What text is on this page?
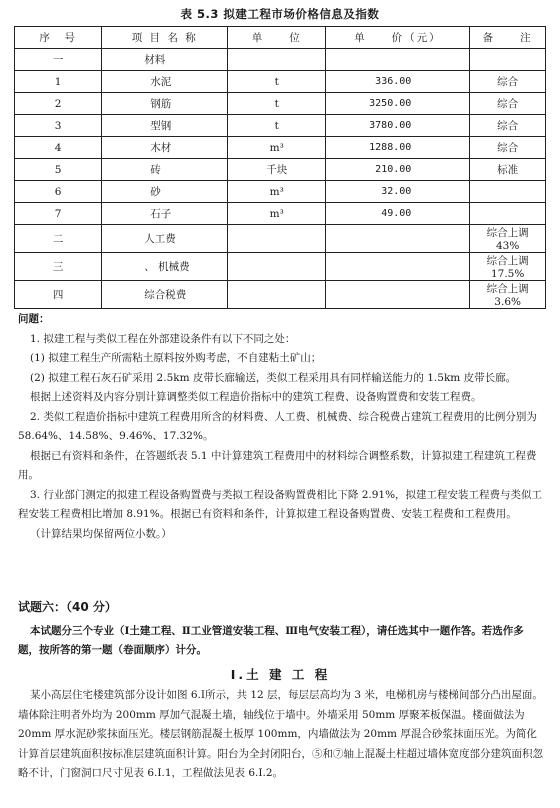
表 5.3 拟建工程市场价格信息及指数
序　号	项 目 名 称	单　　位	单　　价（元）	备　　注
一	材料			
1	水泥	t	336.00	综合
2	钢筋	t	3250.00	综合
3	型钢	t	3780.00	综合
4	木材	m³	1288.00	综合
5	砖	千块	210.00	标准
6	砂	m³	32.00	
7	石子	m³	49.00	
二	人工费			综合上调 43%
三	、 机械费			综合上调 17.5%
四	综合税费			综合上调 3.6%

问题：

1. 拟建工程与类似工程在外部建设条件有以下不同之处：

(1) 拟建工程生产所需粘土原料按外购考虑，不自建粘土矿山；

(2) 拟建工程石灰石矿采用 2.5km 皮带长廊输送，类似工程采用具有同样输送能力的 1.5km 皮带长廊。

根据上述资料及内容分别计算调整类似工程造价指标中的建筑工程费、设备购置费和安装工程费。

2. 类似工程造价指标中建筑工程费用所含的材料费、人工费、机械费、综合税费占建筑工程费用的比例分别为 58.64%、14.58%、9.46%、17.32%。

根据已有资料和条件，在答题纸表 5.1 中计算建筑工程费用中的材料综合调整系数，计算拟建工程建筑工程费用。

3. 行业部门测定的拟建工程设备购置费与类拟工程设备购置费相比下降 2.91%，拟建工程安装工程费与类似工程安装工程费相比增加 8.91%。根据已有资料和条件，计算拟建工程设备购置费、安装工程费和工程费用。

（计算结果均保留两位小数。）

试题六：（40 分）

本试题分三个专业（Ⅰ土建工程、Ⅱ工业管道安装工程、Ⅲ电气安装工程），请任选其中一题作答。若选作多题，按所答的第一题（卷面顺序）计分。

Ⅰ.土 建 工 程

某小高层住宅楼建筑部分设计如图 6.Ⅰ所示，共 12 层，每层层高均为 3 米，电梯机房与楼梯间部分凸出屋面。墙体除注明者外均为 200mm 厚加气混凝土墙，轴线位于墙中。外墙采用 50mm 厚聚苯板保温。楼面做法为 20mm 厚水泥砂浆抹面压光。楼层钢筋混凝土板厚 100mm，内墙做法为 20mm 厚混合砂浆抹面压光。为简化计算首层建筑面积按标准层建筑面积计算。阳台为全封闭阳台，⑤和⑦轴上混凝土柱超过墙体宽度部分建筑面积忽略不计，门窗洞口尺寸见表 6.Ⅰ.1，工程做法见表 6.Ⅰ.2。
